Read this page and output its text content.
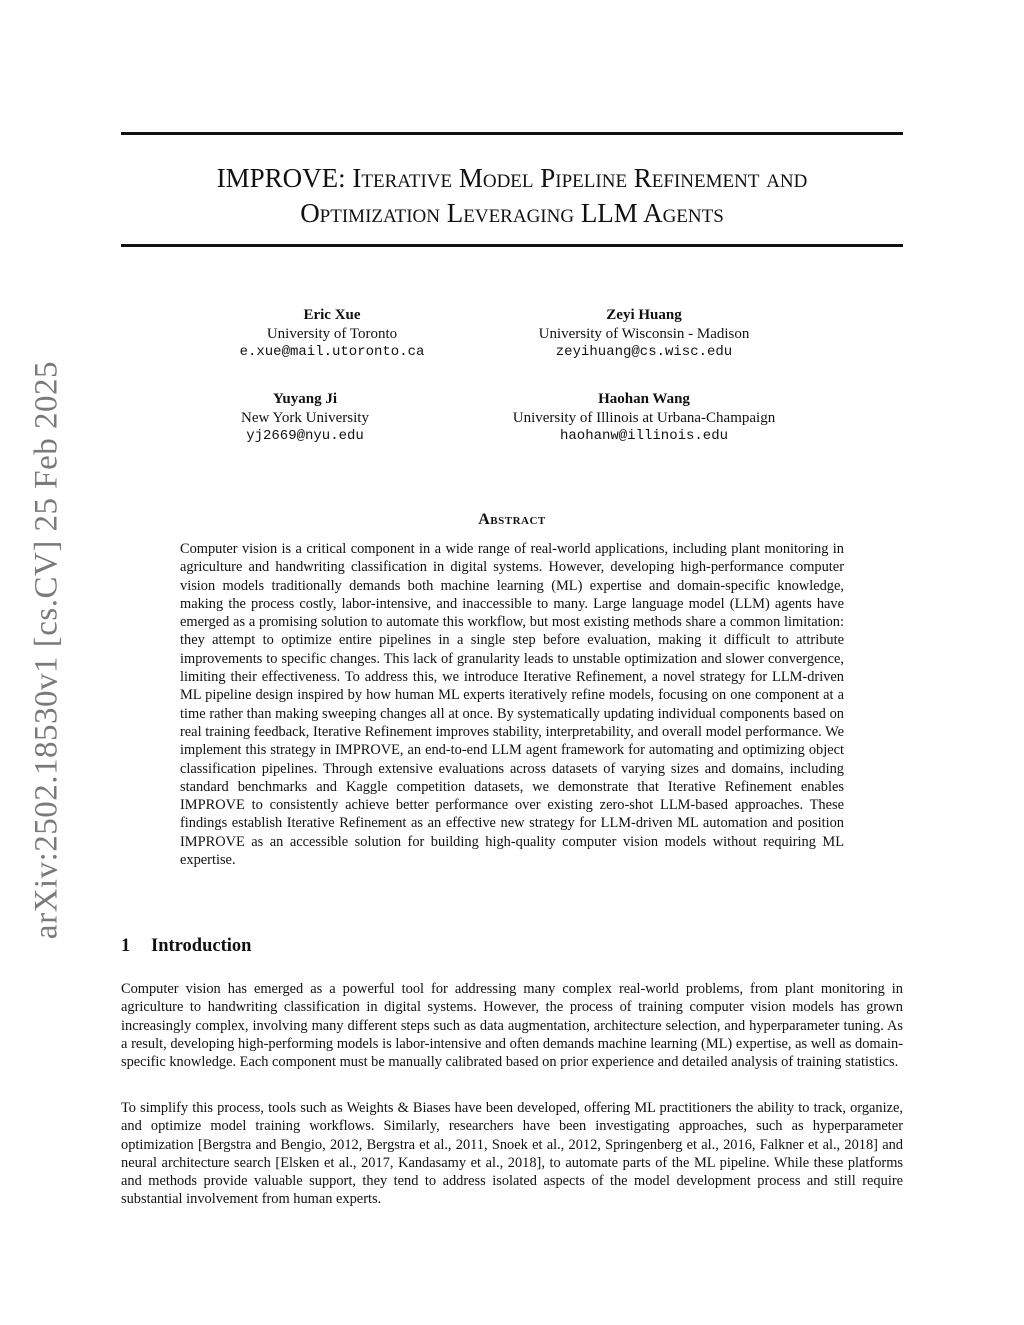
arXiv:2502.18530v1 [cs.CV] 25 Feb 2025
IMPROVE: Iterative Model Pipeline Refinement and
Optimization Leveraging LLM Agents
Eric Xue
University of Toronto
e.xue@mail.utoronto.ca
Zeyi Huang
University of Wisconsin - Madison
zeyihuang@cs.wisc.edu
Yuyang Ji
New York University
yj2669@nyu.edu
Haohan Wang
University of Illinois at Urbana-Champaign
haohanw@illinois.edu
Abstract
Computer vision is a critical component in a wide range of real-world applications, including plant monitoring in agriculture and handwriting classification in digital systems. However, developing high-performance computer vision models traditionally demands both machine learning (ML) expertise and domain-specific knowledge, making the process costly, labor-intensive, and inaccessible to many. Large language model (LLM) agents have emerged as a promising solution to automate this workflow, but most existing methods share a common limitation: they attempt to optimize entire pipelines in a single step before evaluation, making it difficult to attribute improvements to specific changes. This lack of granularity leads to unstable optimization and slower convergence, limiting their effectiveness. To address this, we introduce Iterative Refinement, a novel strategy for LLM-driven ML pipeline design inspired by how human ML experts iteratively refine models, focusing on one component at a time rather than making sweeping changes all at once. By systematically updating individual components based on real training feedback, Iterative Refinement improves stability, interpretability, and overall model performance. We implement this strategy in IMPROVE, an end-to-end LLM agent framework for automating and optimizing object classification pipelines. Through extensive evaluations across datasets of varying sizes and domains, including standard benchmarks and Kaggle competition datasets, we demonstrate that Iterative Refinement enables IMPROVE to consistently achieve better performance over existing zero-shot LLM-based approaches. These findings establish Iterative Refinement as an effective new strategy for LLM-driven ML automation and position IMPROVE as an accessible solution for building high-quality computer vision models without requiring ML expertise.
1 Introduction

Computer vision has emerged as a powerful tool for addressing many complex real-world problems, from plant monitoring in agriculture to handwriting classification in digital systems. However, the process of training computer vision models has grown increasingly complex, involving many different steps such as data augmentation, architecture selection, and hyperparameter tuning. As a result, developing high-performing models is labor-intensive and often demands machine learning (ML) expertise, as well as domain-specific knowledge. Each component must be manually calibrated based on prior experience and detailed analysis of training statistics.

To simplify this process, tools such as Weights & Biases have been developed, offering ML practitioners the ability to track, organize, and optimize model training workflows. Similarly, researchers have been investigating approaches, such as hyperparameter optimization [Bergstra and Bengio, 2012, Bergstra et al., 2011, Snoek et al., 2012, Springenberg et al., 2016, Falkner et al., 2018] and neural architecture search [Elsken et al., 2017, Kandasamy et al., 2018], to automate parts of the ML pipeline. While these platforms and methods provide valuable support, they tend to address isolated aspects of the model development process and still require substantial involvement from human experts.
